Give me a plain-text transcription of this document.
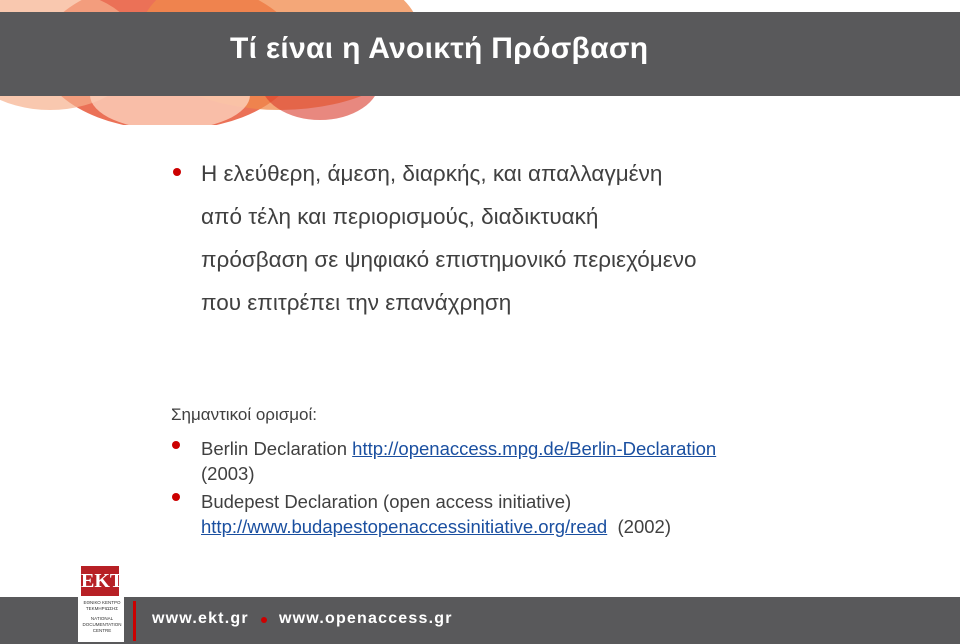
Τί είναι η Ανοικτή Πρόσβαση
Η ελεύθερη, άμεση, διαρκής, και απαλλαγμένη
από τέλη και περιορισμούς, διαδικτυακή
πρόσβαση σε ψηφιακό επιστημονικό περιεχόμενο
που επιτρέπει την επανάχρηση
Σημαντικοί ορισμοί:
Berlin Declaration http://openaccess.mpg.de/Berlin-Declaration
(2003)
Budepest Declaration (open access initiative)
http://www.budapestopenaccessinitiative.org/read (2002)
www.ekt.gr www.openaccess.gr
EKT
ΕΘΝΙΚΟ ΚΕΝΤΡΟ
ΤΕΚΜΗΡΙΩΣΗΣ
NATIONAL
DOCUMENTATION
CENTRE
